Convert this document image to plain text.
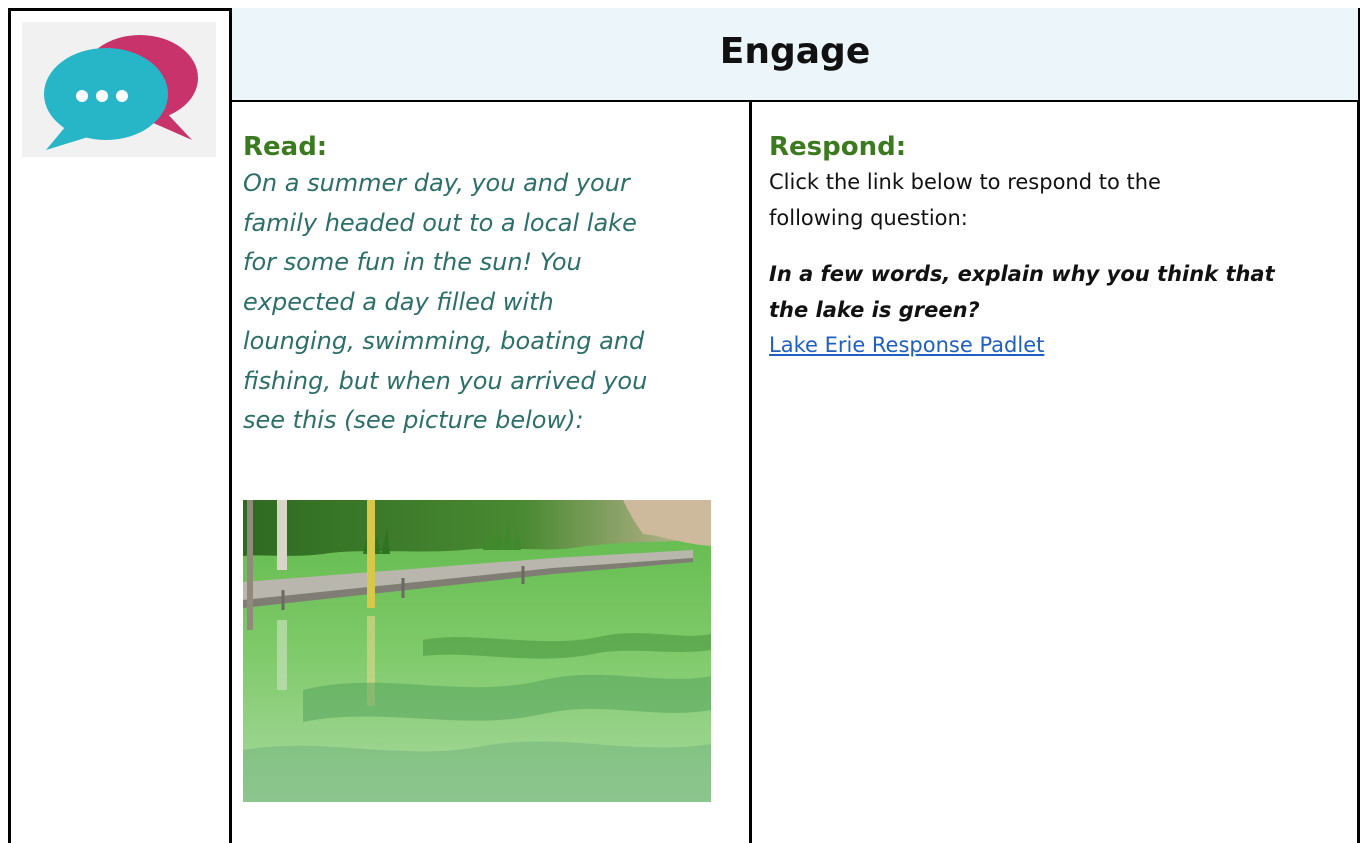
Engage

Read:

On a summer day, you and your

family headed out to a local lake

for some fun in the sun! You

expected a day filled with

lounging, swimming, boating and

fishing, but when you arrived you

see this (see picture below):

Respond:

Click the link below to respond to the

following question:

In a few words, explain why you think that

the lake is green?

Lake Erie Response Padlet
